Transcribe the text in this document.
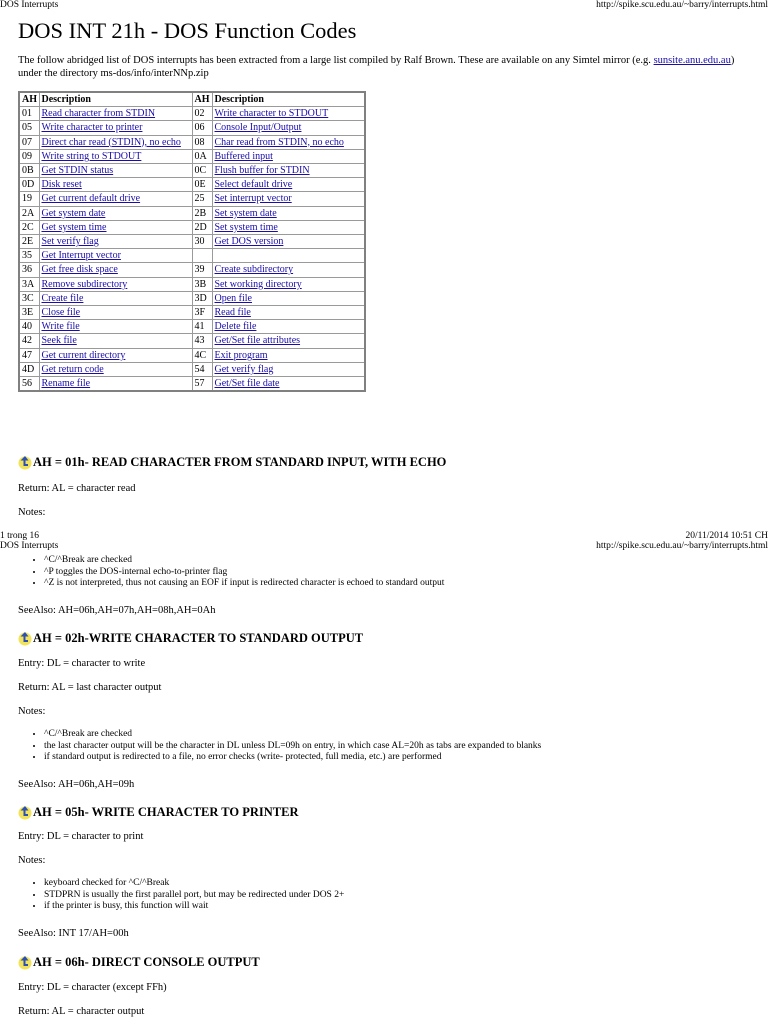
DOS Interrupts	http://spike.scu.edu.au/~barry/interrupts.html
DOS INT 21h - DOS Function Codes
The follow abridged list of DOS interrupts has been extracted from a large list compiled by Ralf Brown. These are available on any Simtel mirror (e.g. sunsite.anu.edu.au) under the directory ms-dos/info/interNNp.zip
AH	Description	AH	Description
01	Read character from STDIN	02	Write character to STDOUT
05	Write character to printer	06	Console Input/Output
07	Direct char read (STDIN), no echo	08	Char read from STDIN, no echo
09	Write string to STDOUT	0A	Buffered input
0B	Get STDIN status	0C	Flush buffer for STDIN
0D	Disk reset	0E	Select default drive
19	Get current default drive	25	Set interrupt vector
2A	Get system date	2B	Set system date
2C	Get system time	2D	Set system time
2E	Set verify flag	30	Get DOS version
35	Get Interrupt vector		
36	Get free disk space	39	Create subdirectory
3A	Remove subdirectory	3B	Set working directory
3C	Create file	3D	Open file
3E	Close file	3F	Read file
40	Write file	41	Delete file
42	Seek file	43	Get/Set file attributes
47	Get current directory	4C	Exit program
4D	Get return code	54	Get verify flag
56	Rename file	57	Get/Set file date
AH = 01h - READ CHARACTER FROM STANDARD INPUT, WITH ECHO
Return: AL = character read
Notes:
1 trong 16	20/11/2014 10:51 CH
DOS Interrupts	http://spike.scu.edu.au/~barry/interrupts.html
• ^C/^Break are checked
• ^P toggles the DOS-internal echo-to-printer flag
• ^Z is not interpreted, thus not causing an EOF if input is redirected character is echoed to standard output
SeeAlso: AH=06h,AH=07h,AH=08h,AH=0Ah
AH = 02h -WRITE CHARACTER TO STANDARD OUTPUT
Entry: DL = character to write
Return: AL = last character output
Notes:
• ^C/^Break are checked
• the last character output will be the character in DL unless DL=09h on entry, in which case AL=20h as tabs are expanded to blanks
• if standard output is redirected to a file, no error checks (write- protected, full media, etc.) are performed
SeeAlso: AH=06h,AH=09h
AH = 05h - WRITE CHARACTER TO PRINTER
Entry: DL = character to print
Notes:
• keyboard checked for ^C/^Break
• STDPRN is usually the first parallel port, but may be redirected under DOS 2+
• if the printer is busy, this function will wait
SeeAlso: INT 17/AH=00h
AH = 06h - DIRECT CONSOLE OUTPUT
Entry: DL = character (except FFh)
Return: AL = character output
